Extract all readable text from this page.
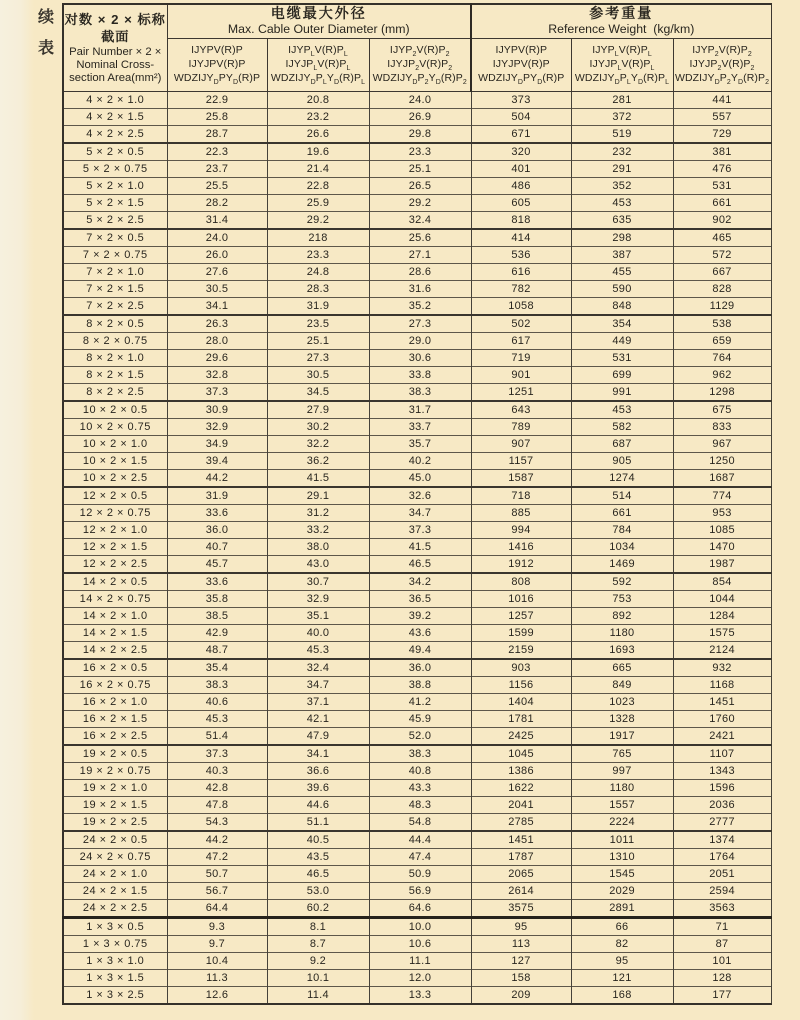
续
表
对数 × 2 × 标称
截面
Pair Number × 2 ×
Nominal Cross-
section Area(mm²)

电缆最大外径
Max. Cable Outer Diameter (mm)

参考重量
Reference Weight  (kg/km)

	IJYPV(R)P
IJYJPV(R)P
$WDZIJY_DPY_D(R)P$	$IJYP_LV(R)P_L$
$IJYJP_LV(R)P_L$
$WDZIJY_DP_LY_D(R)P_L$	$IJYP_2V(R)P_2$
$IJYJP_2V(R)P_2$
$WDZIJY_DP_2Y_D(R)P_2$	IJYPV(R)P
IJYJPV(R)P
$WDZIJY_DPY_D(R)P$	$IJYP_LV(R)P_L$
$IJYJP_LV(R)P_L$
$WDZIJY_DP_LY_D(R)P_L$	$IJYP_2V(R)P_2$
$IJYJP_2V(R)P_2$
$WDZIJY_DP_2Y_D(R)P_2$
4 × 2 × 1.0	22.9	20.8	24.0	373	281	441
4 × 2 × 1.5	25.8	23.2	26.9	504	372	557
4 × 2 × 2.5	28.7	26.6	29.8	671	519	729
5 × 2 × 0.5	22.3	19.6	23.3	320	232	381
5 × 2 × 0.75	23.7	21.4	25.1	401	291	476
5 × 2 × 1.0	25.5	22.8	26.5	486	352	531
5 × 2 × 1.5	28.2	25.9	29.2	605	453	661
5 × 2 × 2.5	31.4	29.2	32.4	818	635	902
7 × 2 × 0.5	24.0	218	25.6	414	298	465
7 × 2 × 0.75	26.0	23.3	27.1	536	387	572
7 × 2 × 1.0	27.6	24.8	28.6	616	455	667
7 × 2 × 1.5	30.5	28.3	31.6	782	590	828
7 × 2 × 2.5	34.1	31.9	35.2	1058	848	1129
8 × 2 × 0.5	26.3	23.5	27.3	502	354	538
8 × 2 × 0.75	28.0	25.1	29.0	617	449	659
8 × 2 × 1.0	29.6	27.3	30.6	719	531	764
8 × 2 × 1.5	32.8	30.5	33.8	901	699	962
8 × 2 × 2.5	37.3	34.5	38.3	1251	991	1298
10 × 2 × 0.5	30.9	27.9	31.7	643	453	675
10 × 2 × 0.75	32.9	30.2	33.7	789	582	833
10 × 2 × 1.0	34.9	32.2	35.7	907	687	967
10 × 2 × 1.5	39.4	36.2	40.2	1157	905	1250
10 × 2 × 2.5	44.2	41.5	45.0	1587	1274	1687
12 × 2 × 0.5	31.9	29.1	32.6	718	514	774
12 × 2 × 0.75	33.6	31.2	34.7	885	661	953
12 × 2 × 1.0	36.0	33.2	37.3	994	784	1085
12 × 2 × 1.5	40.7	38.0	41.5	1416	1034	1470
12 × 2 × 2.5	45.7	43.0	46.5	1912	1469	1987
14 × 2 × 0.5	33.6	30.7	34.2	808	592	854
14 × 2 × 0.75	35.8	32.9	36.5	1016	753	1044
14 × 2 × 1.0	38.5	35.1	39.2	1257	892	1284
14 × 2 × 1.5	42.9	40.0	43.6	1599	1180	1575
14 × 2 × 2.5	48.7	45.3	49.4	2159	1693	2124
16 × 2 × 0.5	35.4	32.4	36.0	903	665	932
16 × 2 × 0.75	38.3	34.7	38.8	1156	849	1168
16 × 2 × 1.0	40.6	37.1	41.2	1404	1023	1451
16 × 2 × 1.5	45.3	42.1	45.9	1781	1328	1760
16 × 2 × 2.5	51.4	47.9	52.0	2425	1917	2421
19 × 2 × 0.5	37.3	34.1	38.3	1045	765	1107
19 × 2 × 0.75	40.3	36.6	40.8	1386	997	1343
19 × 2 × 1.0	42.8	39.6	43.3	1622	1180	1596
19 × 2 × 1.5	47.8	44.6	48.3	2041	1557	2036
19 × 2 × 2.5	54.3	51.1	54.8	2785	2224	2777
24 × 2 × 0.5	44.2	40.5	44.4	1451	1011	1374
24 × 2 × 0.75	47.2	43.5	47.4	1787	1310	1764
24 × 2 × 1.0	50.7	46.5	50.9	2065	1545	2051
24 × 2 × 1.5	56.7	53.0	56.9	2614	2029	2594
24 × 2 × 2.5	64.4	60.2	64.6	3575	2891	3563
1 × 3 × 0.5	9.3	8.1	10.0	95	66	71
1 × 3 × 0.75	9.7	8.7	10.6	113	82	87
1 × 3 × 1.0	10.4	9.2	11.1	127	95	101
1 × 3 × 1.5	11.3	10.1	12.0	158	121	128
1 × 3 × 2.5	12.6	11.4	13.3	209	168	177
